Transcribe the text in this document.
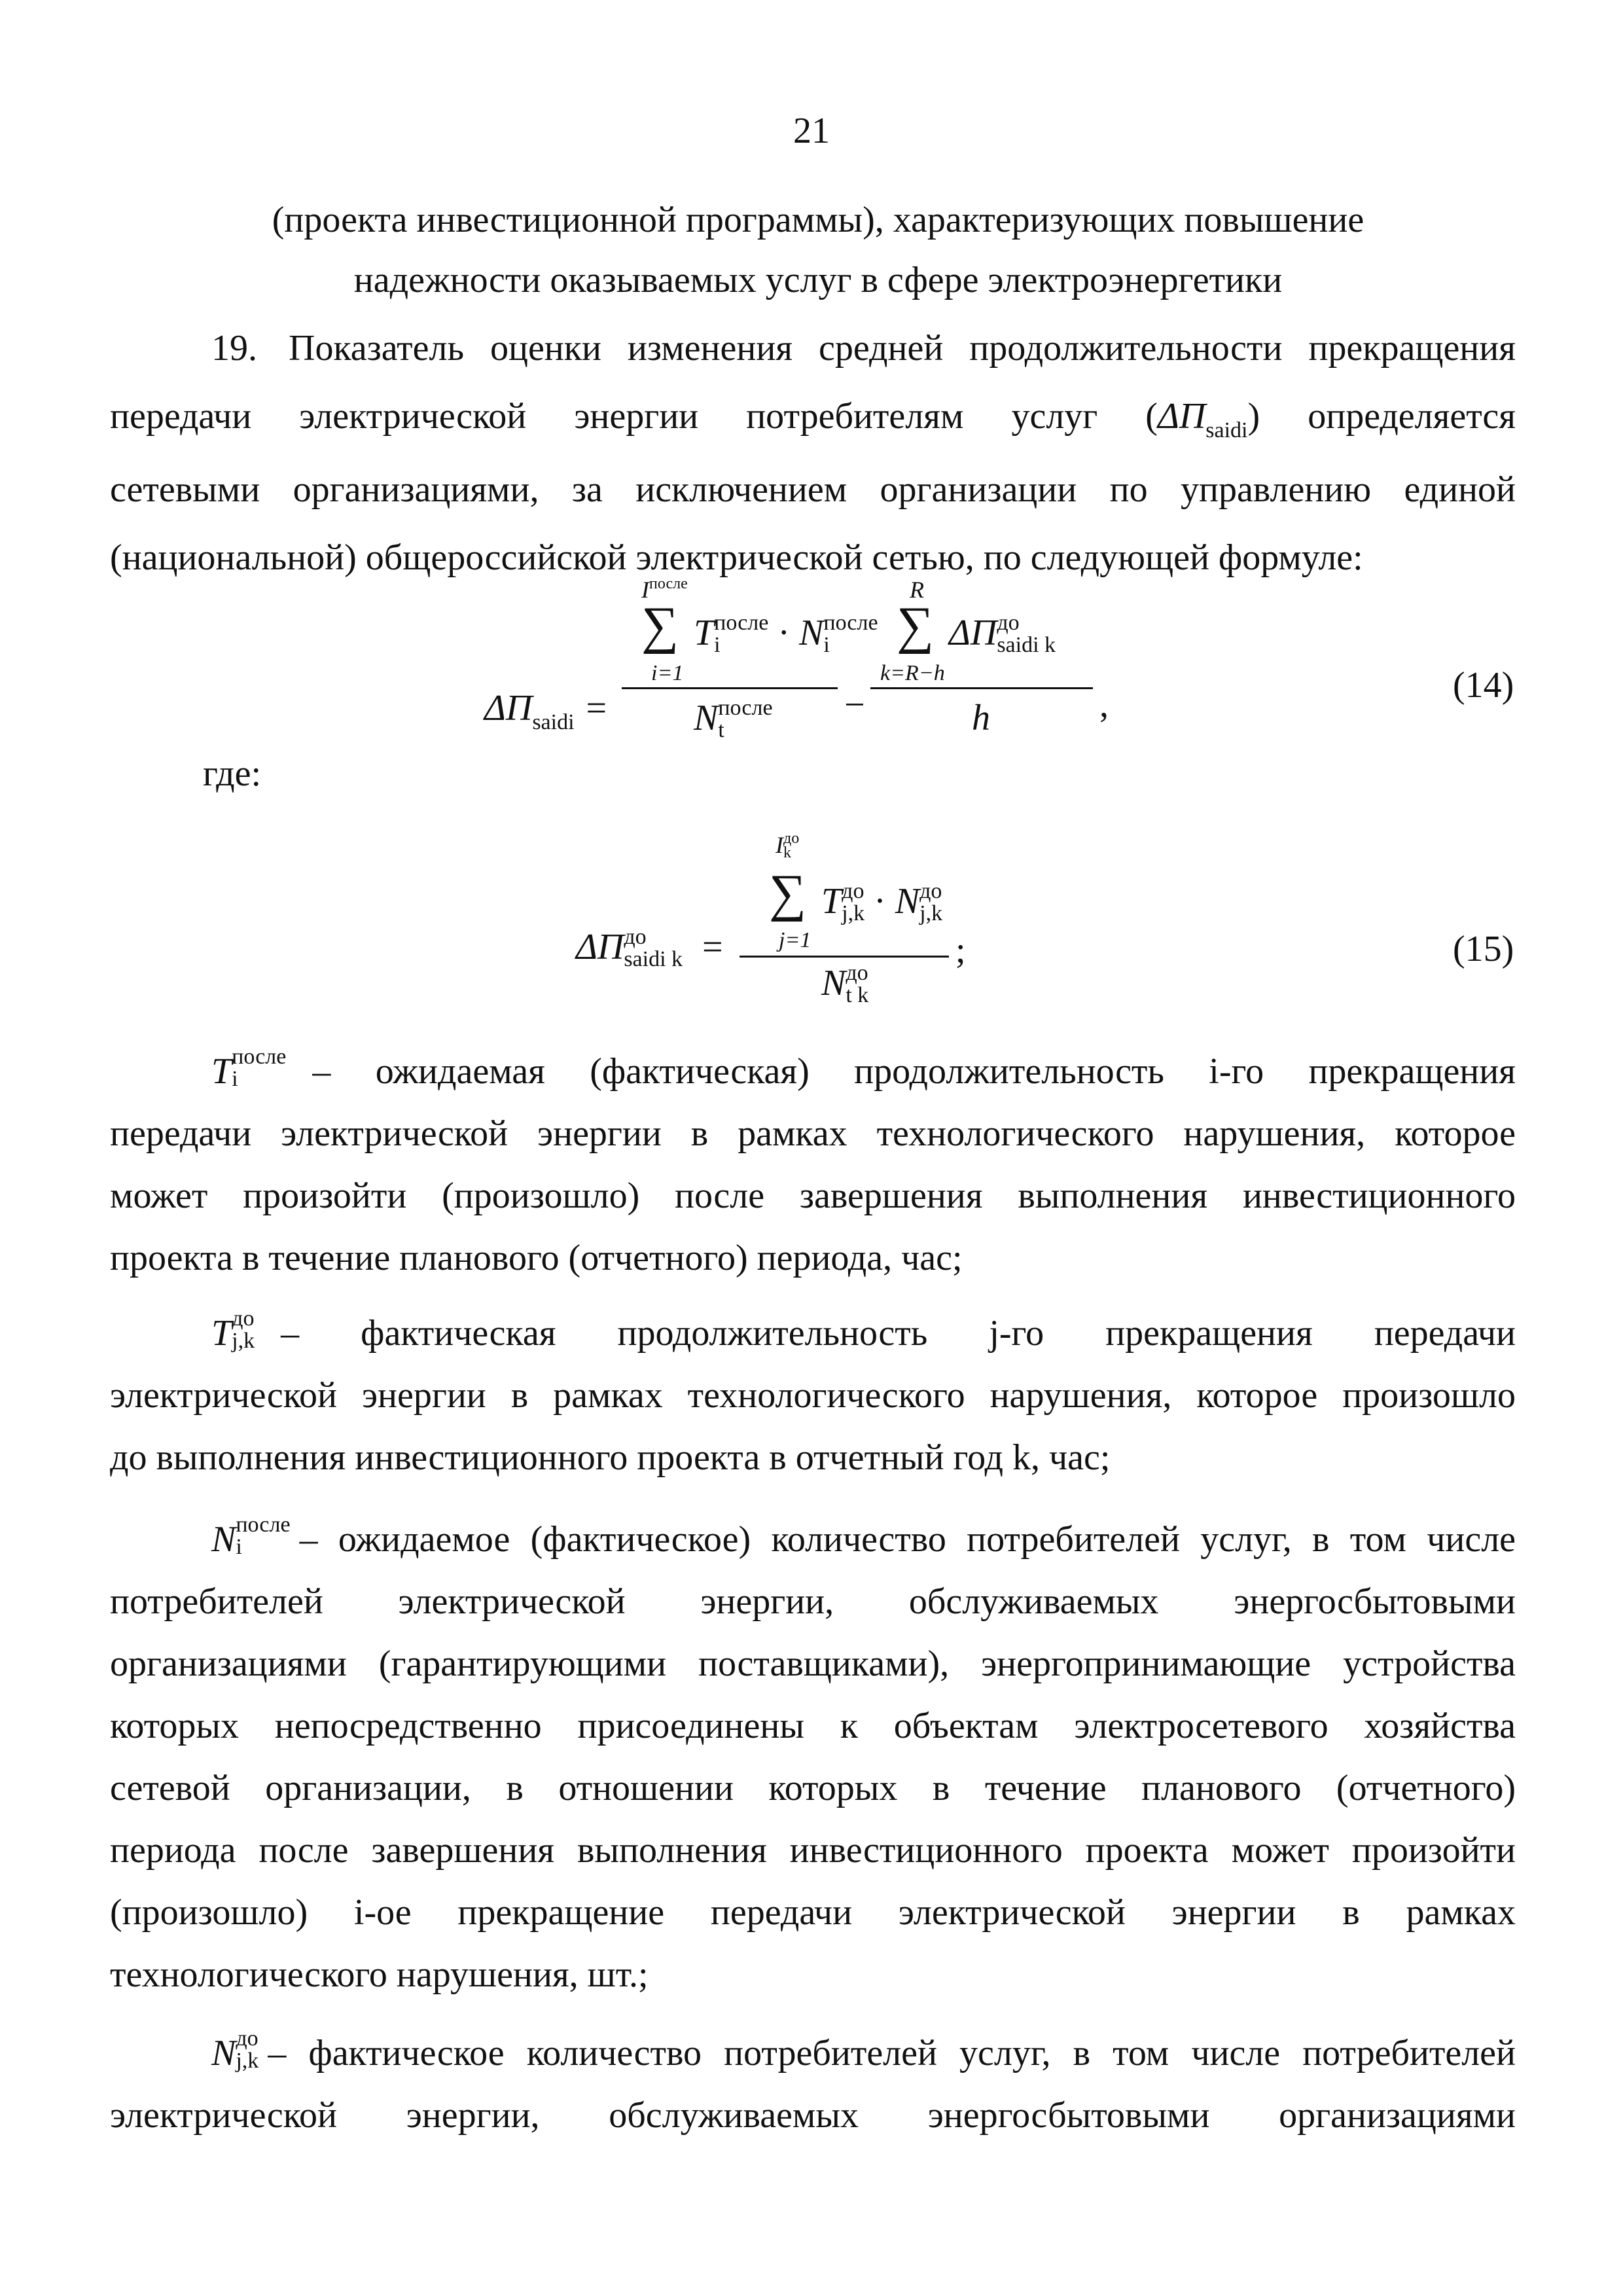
21
(проекта инвестиционной программы), характеризующих повышение
надежности оказываемых услуг в сфере электроэнергетики
19. Показатель оценки изменения средней продолжительности прекращения
передачи электрической энергии потребителям услуг $(\Delta П_{saidi})$ определяется
сетевыми организациями, за исключением организации по управлению единой
(национальной) общероссийской электрической сетью, по следующей формуле:
$\Delta П_{saidi}$ =
$I^{после}$
∑ Tпосле
i · Nпосле
i
i=1
Nпосле
t
−
R
∑ ΔПдо
saidi k
k=R−h
h	,	(14)
где:
ΔПдо
saidi k =
Iдо
k
∑ Tдо
j,k · Nдо
j,k
j=1
Nдо
t k
;	(15)
Tпосле
i – ожидаемая (фактическая) продолжительность i-го прекращения
передачи электрической энергии в рамках технологического нарушения, которое
может произойти (произошло) после завершения выполнения инвестиционного
проекта в течение планового (отчетного) периода, час;
Tдо
j,k – фактическая продолжительность j-го прекращения передачи
электрической энергии в рамках технологического нарушения, которое произошло
до выполнения инвестиционного проекта в отчетный год k, час;
Nпосле
i – ожидаемое (фактическое) количество потребителей услуг, в том числе
потребителей электрической энергии, обслуживаемых энергосбытовыми
организациями (гарантирующими поставщиками), энергопринимающие устройства
которых непосредственно присоединены к объектам электросетевого хозяйства
сетевой организации, в отношении которых в течение планового (отчетного)
периода после завершения выполнения инвестиционного проекта может произойти
(произошло) i-ое прекращение передачи электрической энергии в рамках
технологического нарушения, шт.;
Nдо
j,k – фактическое количество потребителей услуг, в том числе потребителей
электрической энергии, обслуживаемых энергосбытовыми организациями
